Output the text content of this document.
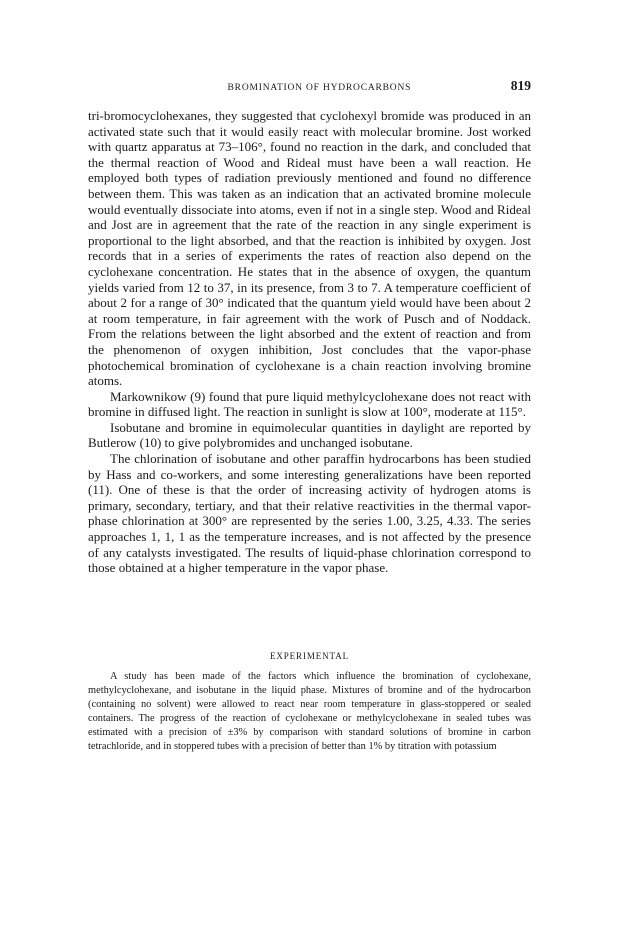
BROMINATION OF HYDROCARBONS	819

tri-bromocyclohexanes, they suggested that cyclohexyl bromide was produced in an activated state such that it would easily react with molecular bromine. Jost worked with quartz apparatus at 73–106°, found no reaction in the dark, and concluded that the thermal reaction of Wood and Rideal must have been a wall reaction. He employed both types of radiation previously mentioned and found no difference between them. This was taken as an indication that an activated bromine molecule would eventually dissociate into atoms, even if not in a single step. Wood and Rideal and Jost are in agreement that the rate of the reaction in any single experiment is proportional to the light absorbed, and that the reaction is inhibited by oxygen. Jost records that in a series of experiments the rates of reaction also depend on the cyclohexane concentration. He states that in the absence of oxygen, the quantum yields varied from 12 to 37, in its presence, from 3 to 7. A temperature coefficient of about 2 for a range of 30° indicated that the quantum yield would have been about 2 at room temperature, in fair agreement with the work of Pusch and of Noddack. From the relations between the light absorbed and the extent of reaction and from the phenomenon of oxygen inhibition, Jost concludes that the vapor-phase photochemical bromination of cyclohexane is a chain reaction involving bromine atoms.

Markownikow (9) found that pure liquid methylcyclohexane does not react with bromine in diffused light. The reaction in sunlight is slow at 100°, moderate at 115°.

Isobutane and bromine in equimolecular quantities in daylight are reported by Butlerow (10) to give polybromides and unchanged isobutane.

The chlorination of isobutane and other paraffin hydrocarbons has been studied by Hass and co-workers, and some interesting generalizations have been reported (11). One of these is that the order of increasing activity of hydrogen atoms is primary, secondary, tertiary, and that their relative reactivities in the thermal vapor-phase chlorination at 300° are represented by the series 1.00, 3.25, 4.33. The series approaches 1, 1, 1 as the temperature increases, and is not affected by the presence of any catalysts investigated. The results of liquid-phase chlorination correspond to those obtained at a higher temperature in the vapor phase.

EXPERIMENTAL

A study has been made of the factors which influence the bromination of cyclohexane, methylcyclohexane, and isobutane in the liquid phase. Mixtures of bromine and of the hydrocarbon (containing no solvent) were allowed to react near room temperature in glass-stoppered or sealed containers. The progress of the reaction of cyclohexane or methylcyclohexane in sealed tubes was estimated with a precision of ±3% by comparison with standard solutions of bromine in carbon tetrachloride, and in stoppered tubes with a precision of better than 1% by titration with potassium
